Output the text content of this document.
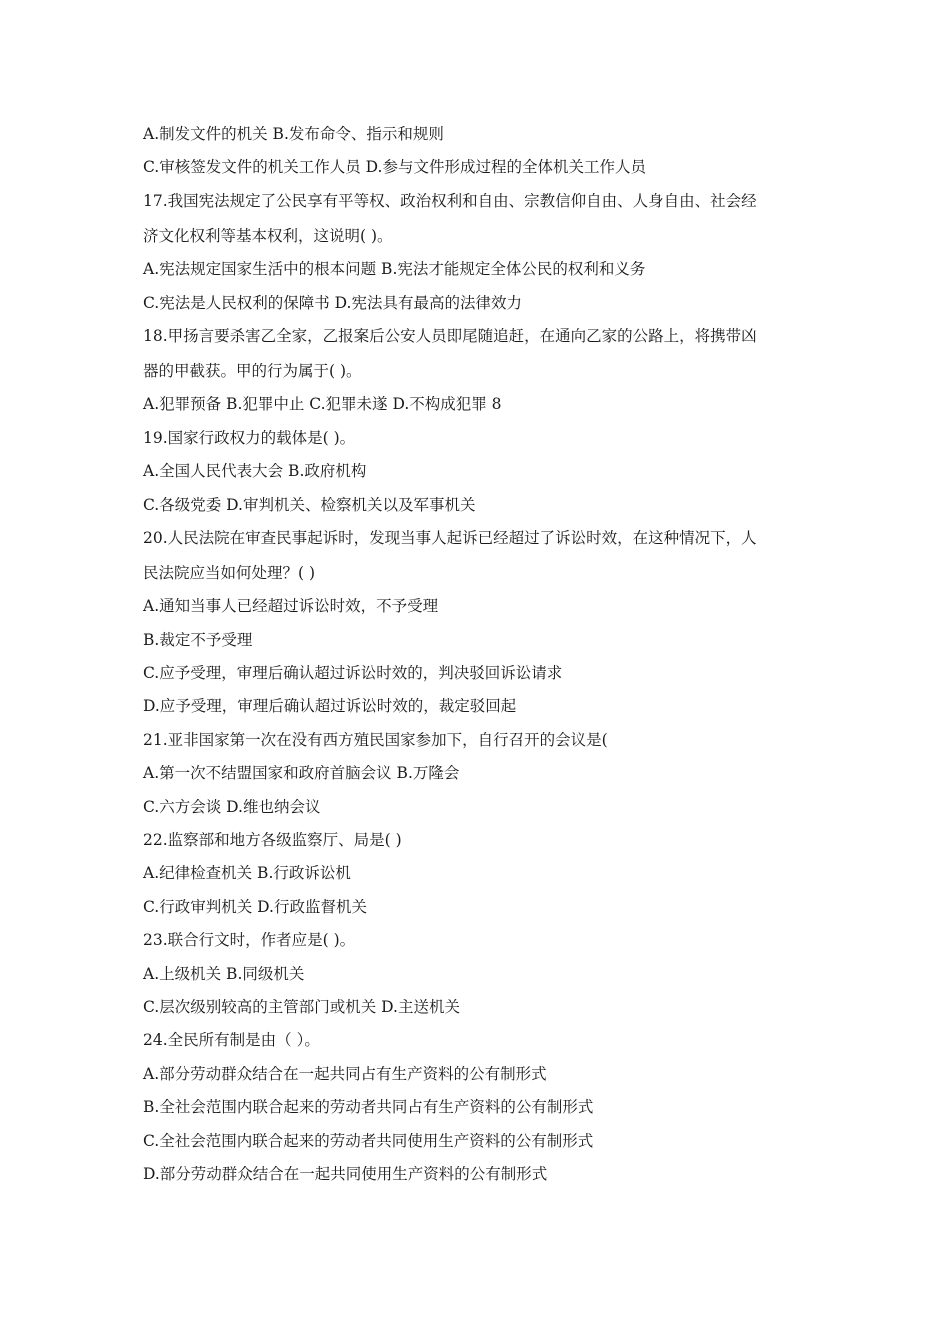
A.制发文件的机关 B.发布命令、指示和规则

C.审核签发文件的机关工作人员 D.参与文件形成过程的全体机关工作人员

17.我国宪法规定了公民享有平等权、政治权利和自由、宗教信仰自由、人身自由、社会经

济文化权利等基本权利，这说明( )。

A.宪法规定国家生活中的根本问题 B.宪法才能规定全体公民的权利和义务

C.宪法是人民权利的保障书 D.宪法具有最高的法律效力

18.甲扬言要杀害乙全家，乙报案后公安人员即尾随追赶，在通向乙家的公路上，将携带凶

器的甲截获。甲的行为属于( )。

A.犯罪预备 B.犯罪中止 C.犯罪未遂 D.不构成犯罪 8

19.国家行政权力的载体是( )。

A.全国人民代表大会 B.政府机构

C.各级党委 D.审判机关、检察机关以及军事机关

20.人民法院在审查民事起诉时，发现当事人起诉已经超过了诉讼时效，在这种情况下，人

民法院应当如何处理？( )

A.通知当事人已经超过诉讼时效，不予受理

B.裁定不予受理

C.应予受理，审理后确认超过诉讼时效的，判决驳回诉讼请求

D.应予受理，审理后确认超过诉讼时效的，裁定驳回起

21.亚非国家第一次在没有西方殖民国家参加下，自行召开的会议是(

A.第一次不结盟国家和政府首脑会议 B.万隆会

C.六方会谈 D.维也纳会议

22.监察部和地方各级监察厅、局是( )

A.纪律检查机关 B.行政诉讼机

C.行政审判机关 D.行政监督机关

23.联合行文时，作者应是( )。

A.上级机关 B.同级机关

C.层次级别较高的主管部门或机关 D.主送机关

24.全民所有制是由（ ）。

A.部分劳动群众结合在一起共同占有生产资料的公有制形式

B.全社会范围内联合起来的劳动者共同占有生产资料的公有制形式

C.全社会范围内联合起来的劳动者共同使用生产资料的公有制形式

D.部分劳动群众结合在一起共同使用生产资料的公有制形式
